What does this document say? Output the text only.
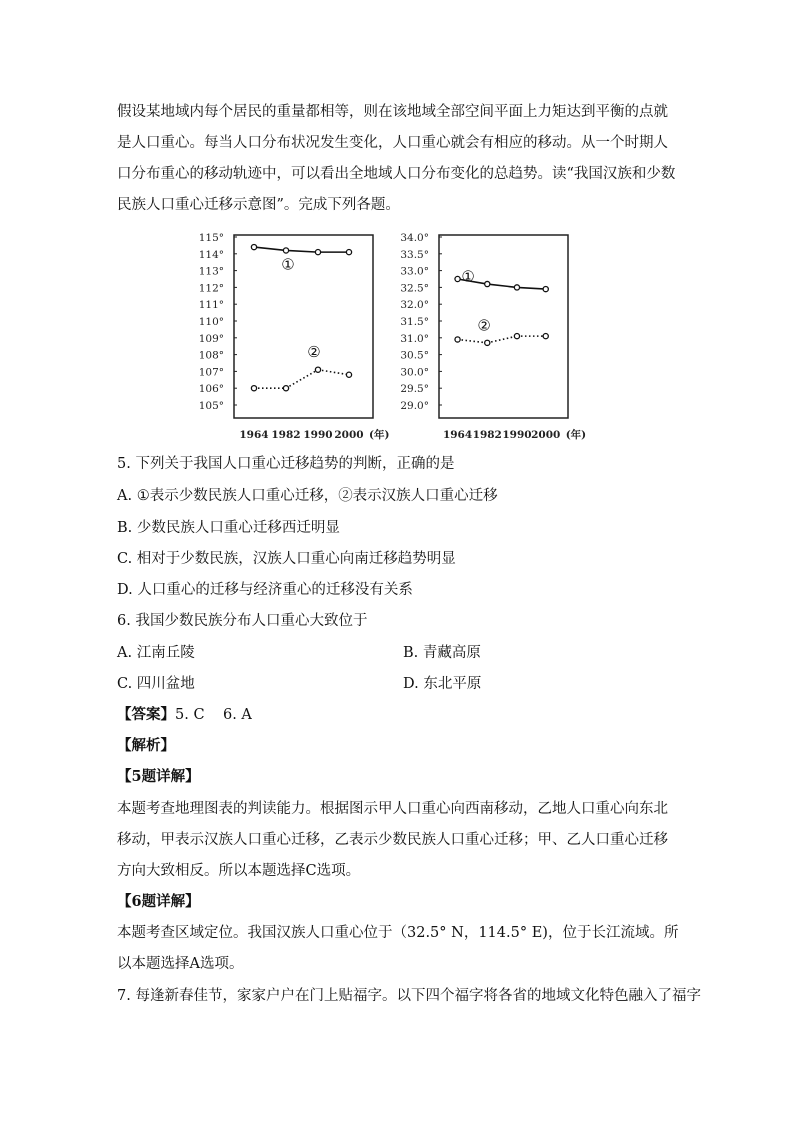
假设某地域内每个居民的重量都相等，则在该地域全部空间平面上力矩达到平衡的点就是人口重心。每当人口分布状况发生变化，人口重心就会有相应的移动。从一个时期人口分布重心的移动轨迹中，可以看出全地域人口分布变化的总趋势。读“我国汉族和少数民族人口重心迁移示意图”。完成下列各题。
115°
114°
113°
112°
111°
110°
109°
108°
107°
106°
105°
1964 1982 1990 2000 (年)
①
②
34.0°
33.5°
33.0°
32.5°
32.0°
31.5°
31.0°
30.5°
30.0°
29.5°
29.0°
1964 1982 1990 2000 (年)
①
②
5. 下列关于我国人口重心迁移趋势的判断，正确的是
A. ①表示少数民族人口重心迁移，②表示汉族人口重心迁移
B. 少数民族人口重心迁移西迁明显
C. 相对于少数民族，汉族人口重心向南迁移趋势明显
D. 人口重心的迁移与经济重心的迁移没有关系
6. 我国少数民族分布人口重心大致位于
A. 江南丘陵	B. 青藏高原
C. 四川盆地	D. 东北平原
【答案】5. C    6. A
【解析】
【5题详解】
本题考查地理图表的判读能力。根据图示甲人口重心向西南移动，乙地人口重心向东北移动，甲表示汉族人口重心迁移，乙表示少数民族人口重心迁移；甲、乙人口重心迁移方向大致相反。所以本题选择C选项。
【6题详解】
本题考查区域定位。我国汉族人口重心位于（32.5° N，114.5° E)，位于长江流域。所以本题选择A选项。
7. 每逢新春佳节，家家户户在门上贴福字。以下四个福字将各省的地域文化特色融入了福字
